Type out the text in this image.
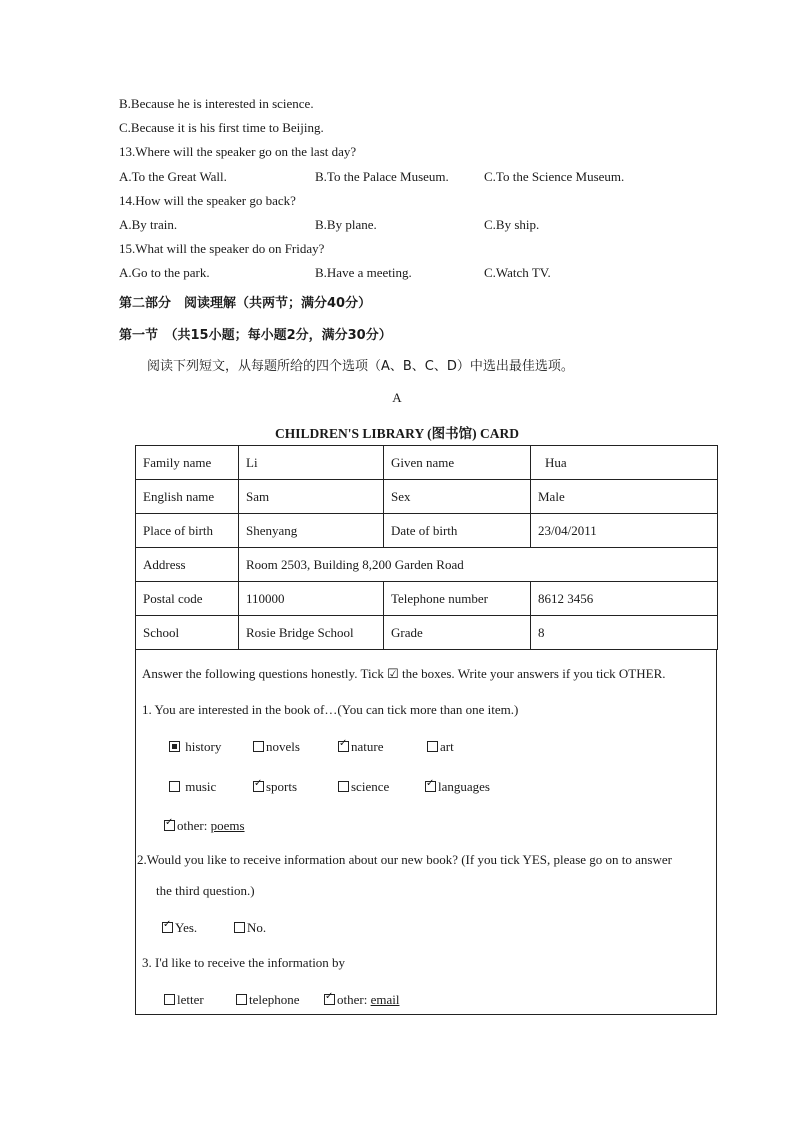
B.Because he is interested in science.
C.Because it is his first time to Beijing.
13.Where will the speaker go on the last day?
A.To the Great Wall.	B.To the Palace Museum.	C.To the Science Museum.
14.How will the speaker go back?
A.By train.	B.By plane.	C.By ship.
15.What will the speaker do on Friday?
A.Go to the park.	B.Have a meeting.	C.Watch TV.
第二部分　阅读理解（共两节；满分40分）
第一节　（共15小题；每小题2分，满分30分）
阅读下列短文，从每题所给的四个选项（A、B、C、D）中选出最佳选项。
A
CHILDREN'S LIBRARY (图书馆) CARD
Family name	Li	Given name	Hua
English name	Sam	Sex	Male
Place of birth	Shenyang	Date of birth	23/04/2011
Address	Room 2503, Building 8,200 Garden Road		
Postal code	110000	Telephone number	8612 3456
School	Rosie Bridge School	Grade	8
Answer the following questions honestly. Tick ☑ the boxes. Write your answers if you tick OTHER.
1. You are interested in the book of…(You can tick more than one item.)
history	novels ✓	nature	art
music ✓	sports	science ✓	languages
✓other: poems
2.Would you like to receive information about our new book? (If you tick YES, please go on to answer
the third question.)
✓Yes.	No.
3. I'd like to receive the information by
letter	telephone ✓	other: email
